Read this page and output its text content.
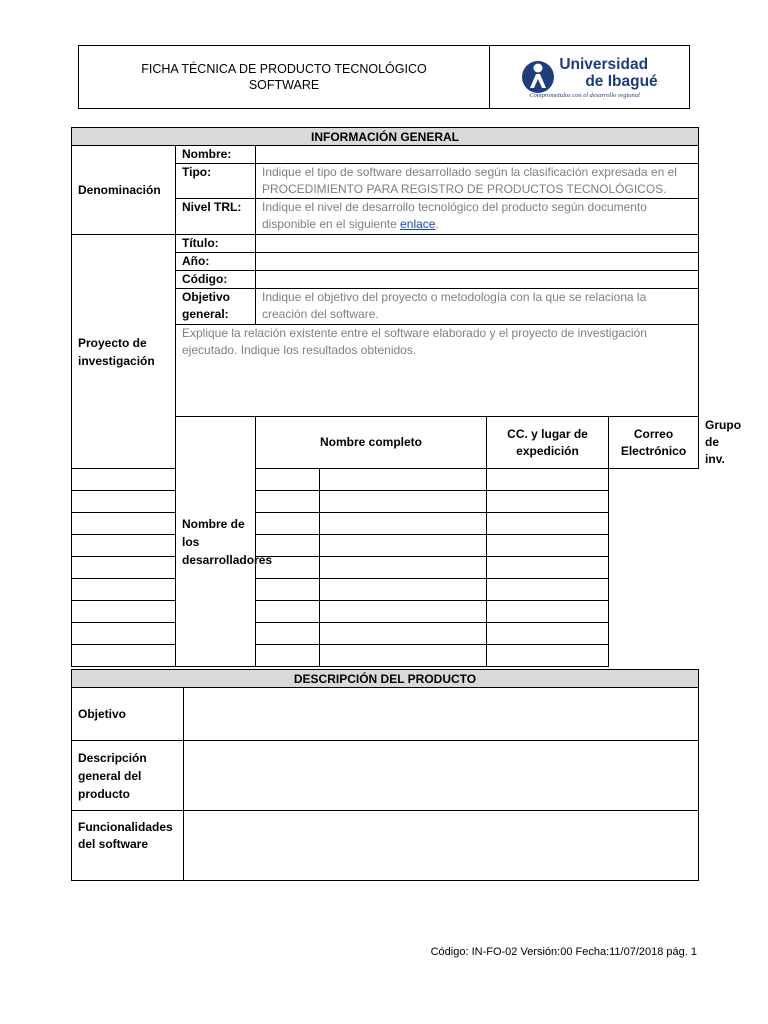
FICHA TÉCNICA DE PRODUCTO TECNOLÓGICO
SOFTWARE
Universidad
de Ibagué
Comprometidos con el desarrollo regional
INFORMACIÓN GENERAL						
Denominación	Nombre:					
	Tipo:	Indique el tipo de software desarrollado según la clasificación expresada en el PROCEDIMIENTO PARA REGISTRO DE PRODUCTOS TECNOLÓGICOS.				
	Nivel TRL:	Indique el nivel de desarrollo tecnológico del producto según documento disponible en el siguiente enlace.				
Proyecto de investigación	Título:					
	Año:					
	Código:					
	Objetivo general:	Indique el objetivo del proyecto o metodología con la que se relaciona la creación del software.				
	Explique la relación existente entre el software elaborado y el proyecto de investigación ejecutado. Indique los resultados obtenidos.					
	Nombre de los desarrolladores	Nombre completo		CC. y lugar de expedición	Correo Electrónico	Grupo de inv.

DESCRIPCIÓN DEL PRODUCTO	
Objetivo	
Descripción general del producto	
Funcionalidades del software	
Código: IN-FO-02 Versión:00 Fecha:11/07/2018 pág. 1
